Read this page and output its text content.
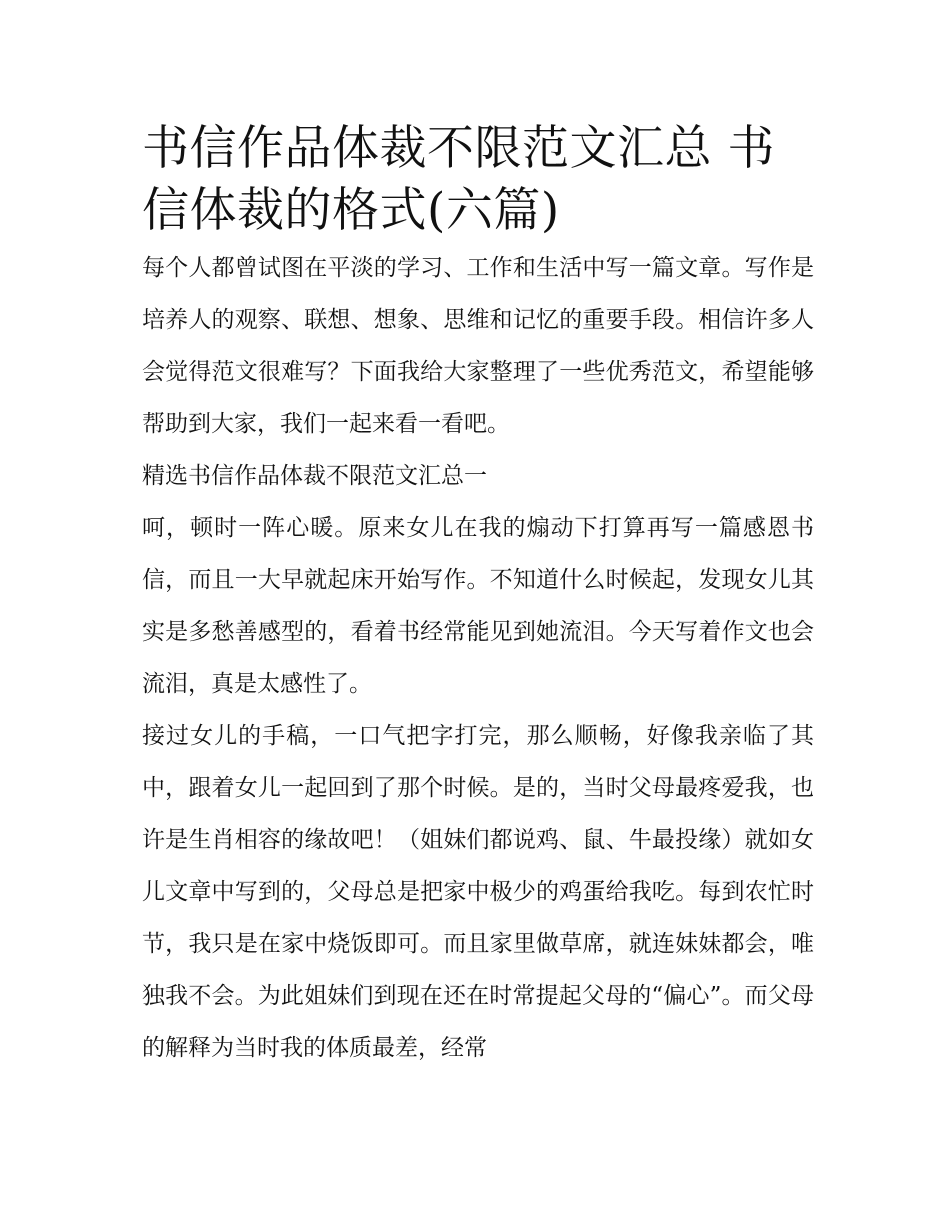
书信作品体裁不限范文汇总 书信体裁的格式(六篇)

每个人都曾试图在平淡的学习、工作和生活中写一篇文章。写作是培养人的观察、联想、想象、思维和记忆的重要手段。相信许多人会觉得范文很难写？下面我给大家整理了一些优秀范文，希望能够帮助到大家，我们一起来看一看吧。

精选书信作品体裁不限范文汇总一

呵，顿时一阵心暖。原来女儿在我的煽动下打算再写一篇感恩书信，而且一大早就起床开始写作。不知道什么时候起，发现女儿其实是多愁善感型的，看着书经常能见到她流泪。今天写着作文也会流泪，真是太感性了。

接过女儿的手稿，一口气把字打完，那么顺畅，好像我亲临了其中，跟着女儿一起回到了那个时候。是的，当时父母最疼爱我，也许是生肖相容的缘故吧！（姐妹们都说鸡、鼠、牛最投缘）就如女儿文章中写到的，父母总是把家中极少的鸡蛋给我吃。每到农忙时节，我只是在家中烧饭即可。而且家里做草席，就连妹妹都会，唯独我不会。为此姐妹们到现在还在时常提起父母的“偏心”。而父母的解释为当时我的体质最差，经常
